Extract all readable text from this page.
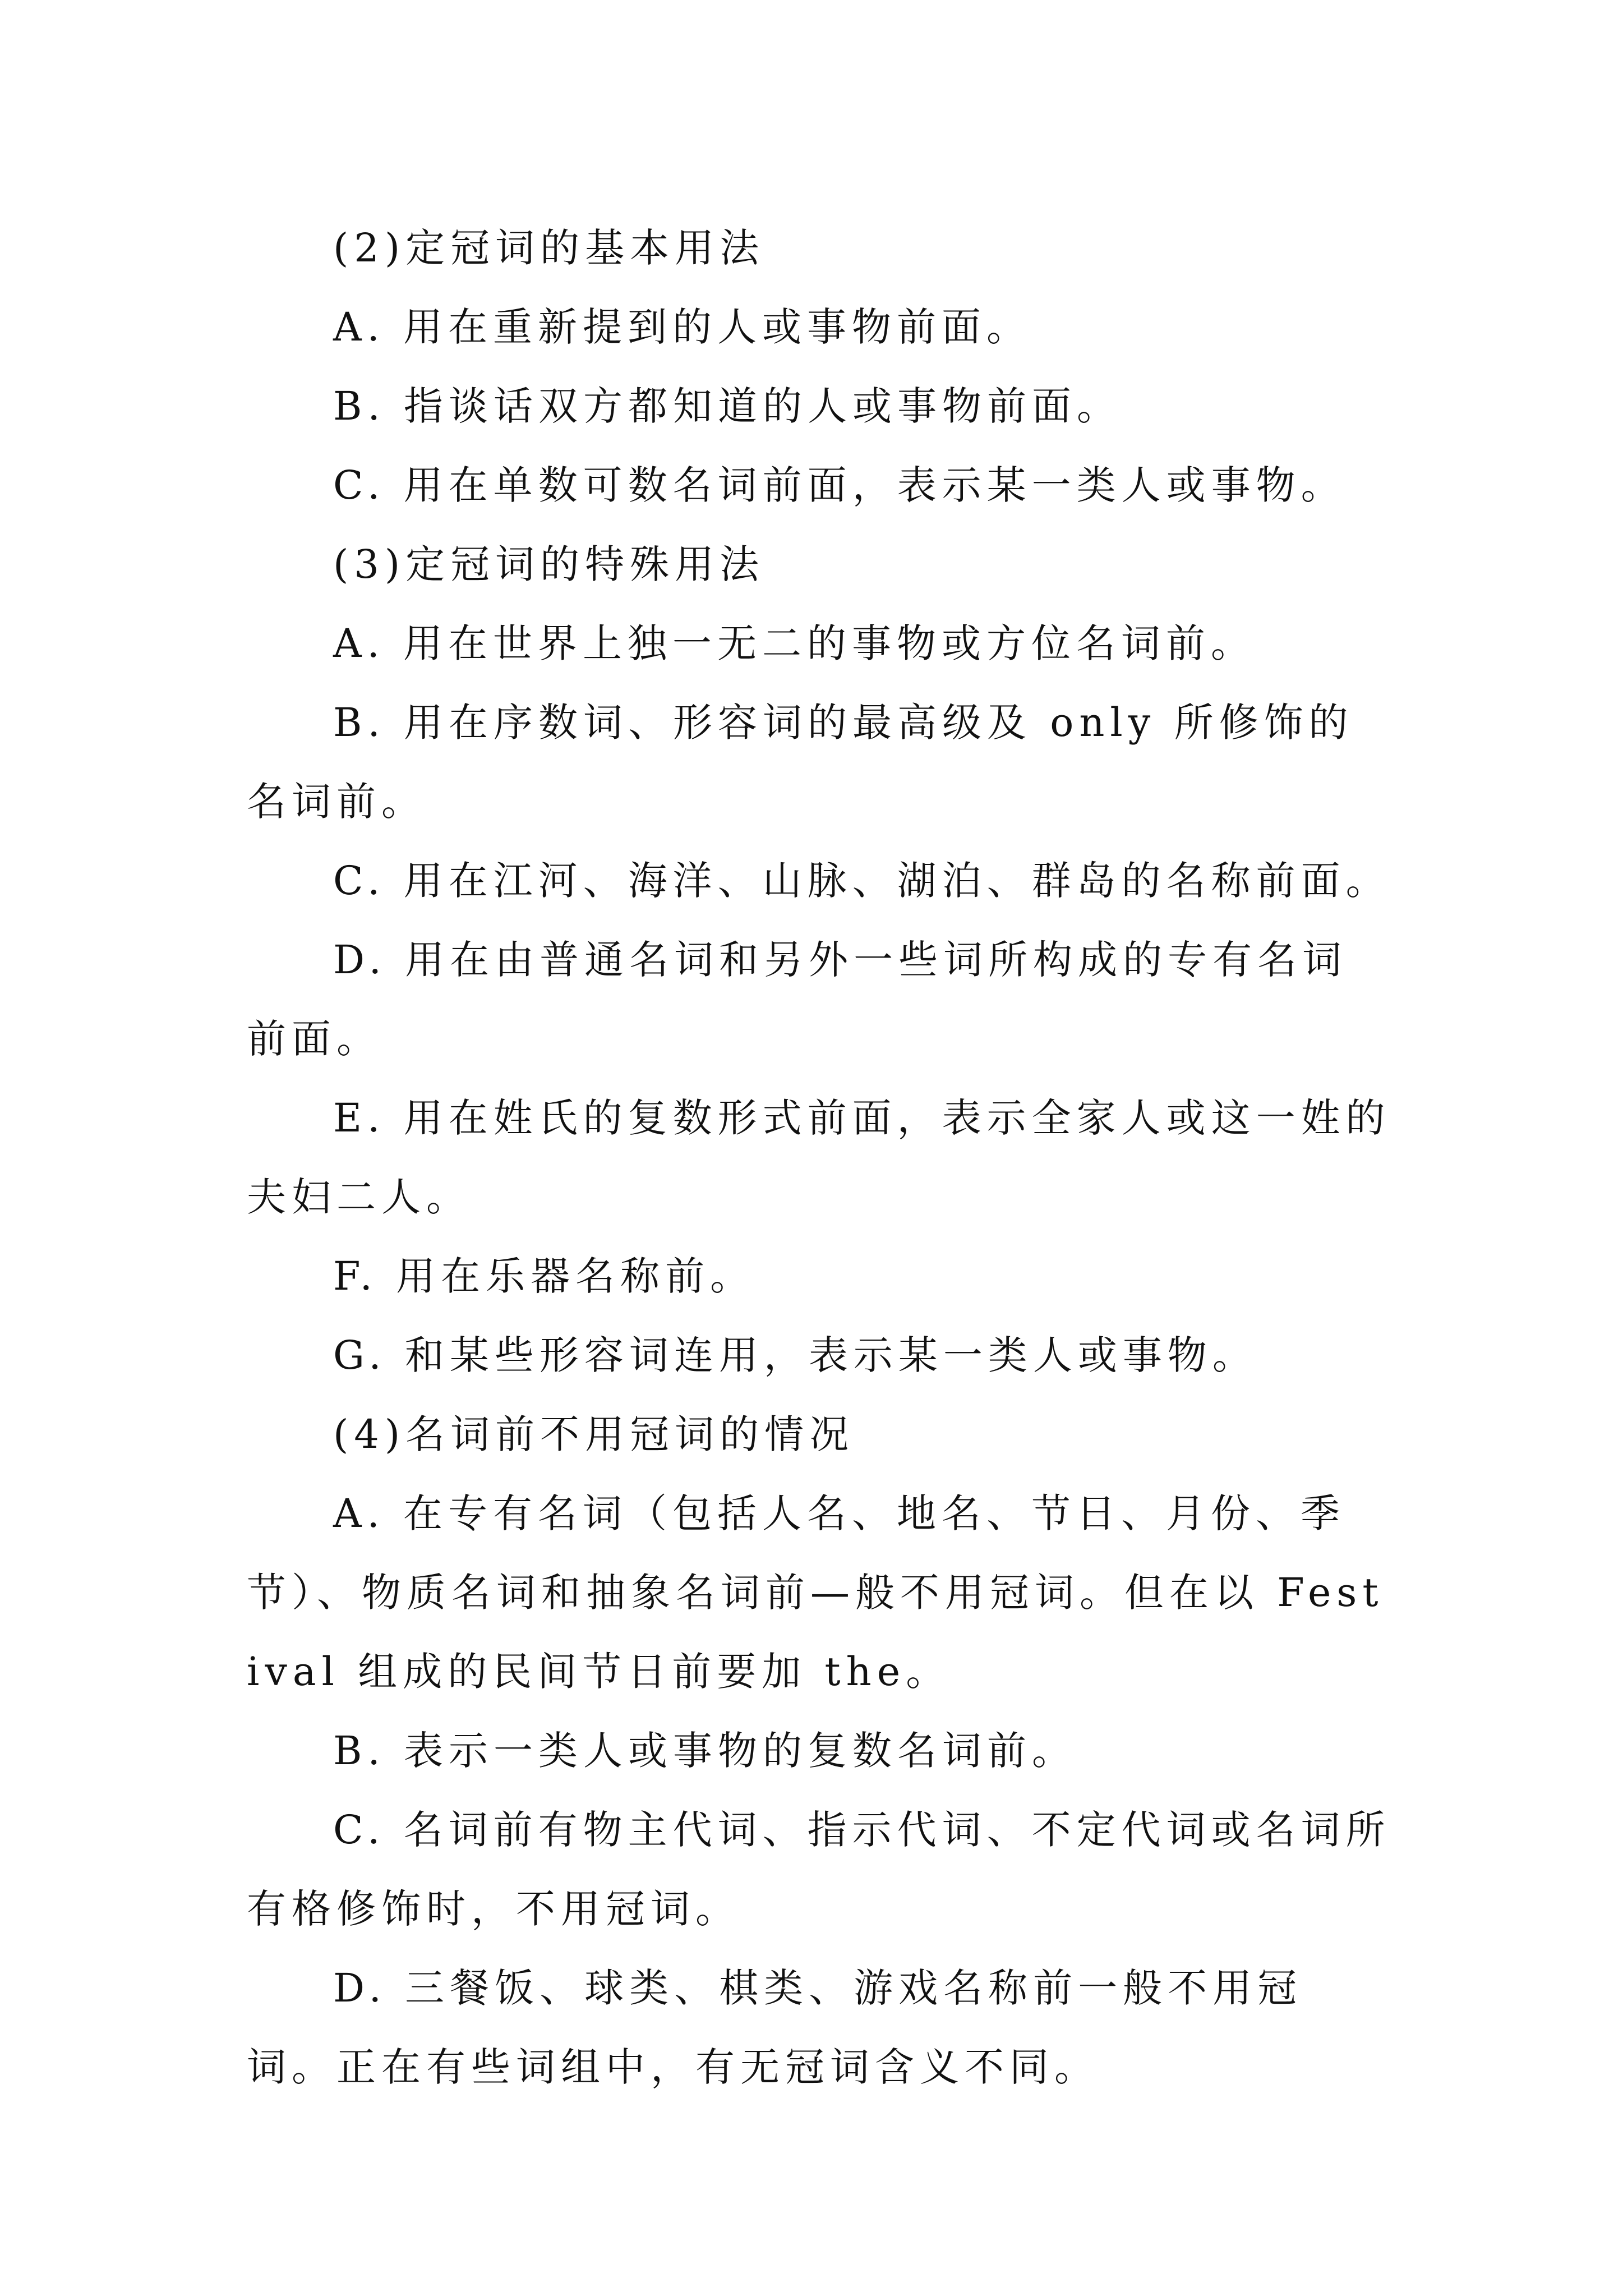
(2)定冠词的基本用法

A. 用在重新提到的人或事物前面。

B. 指谈话双方都知道的人或事物前面。

C. 用在单数可数名词前面，表示某一类人或事物。

(3)定冠词的特殊用法

A. 用在世界上独一无二的事物或方位名词前。

B. 用在序数词、形容词的最高级及 only 所修饰的名词前。

C. 用在江河、海洋、山脉、湖泊、群岛的名称前面。

D. 用在由普通名词和另外一些词所构成的专有名词前面。

E. 用在姓氏的复数形式前面，表示全家人或这一姓的夫妇二人。

F. 用在乐器名称前。

G. 和某些形容词连用，表示某一类人或事物。

(4)名词前不用冠词的情况

A. 在专有名词（包括人名、地名、节日、月份、季节）、物质名词和抽象名词前—般不用冠词。但在以 Festival 组成的民间节日前要加 the。

B. 表示一类人或事物的复数名词前。

C. 名词前有物主代词、指示代词、不定代词或名词所有格修饰时，不用冠词。

D. 三餐饭、球类、棋类、游戏名称前一般不用冠词。正在有些词组中，有无冠词含义不同。
